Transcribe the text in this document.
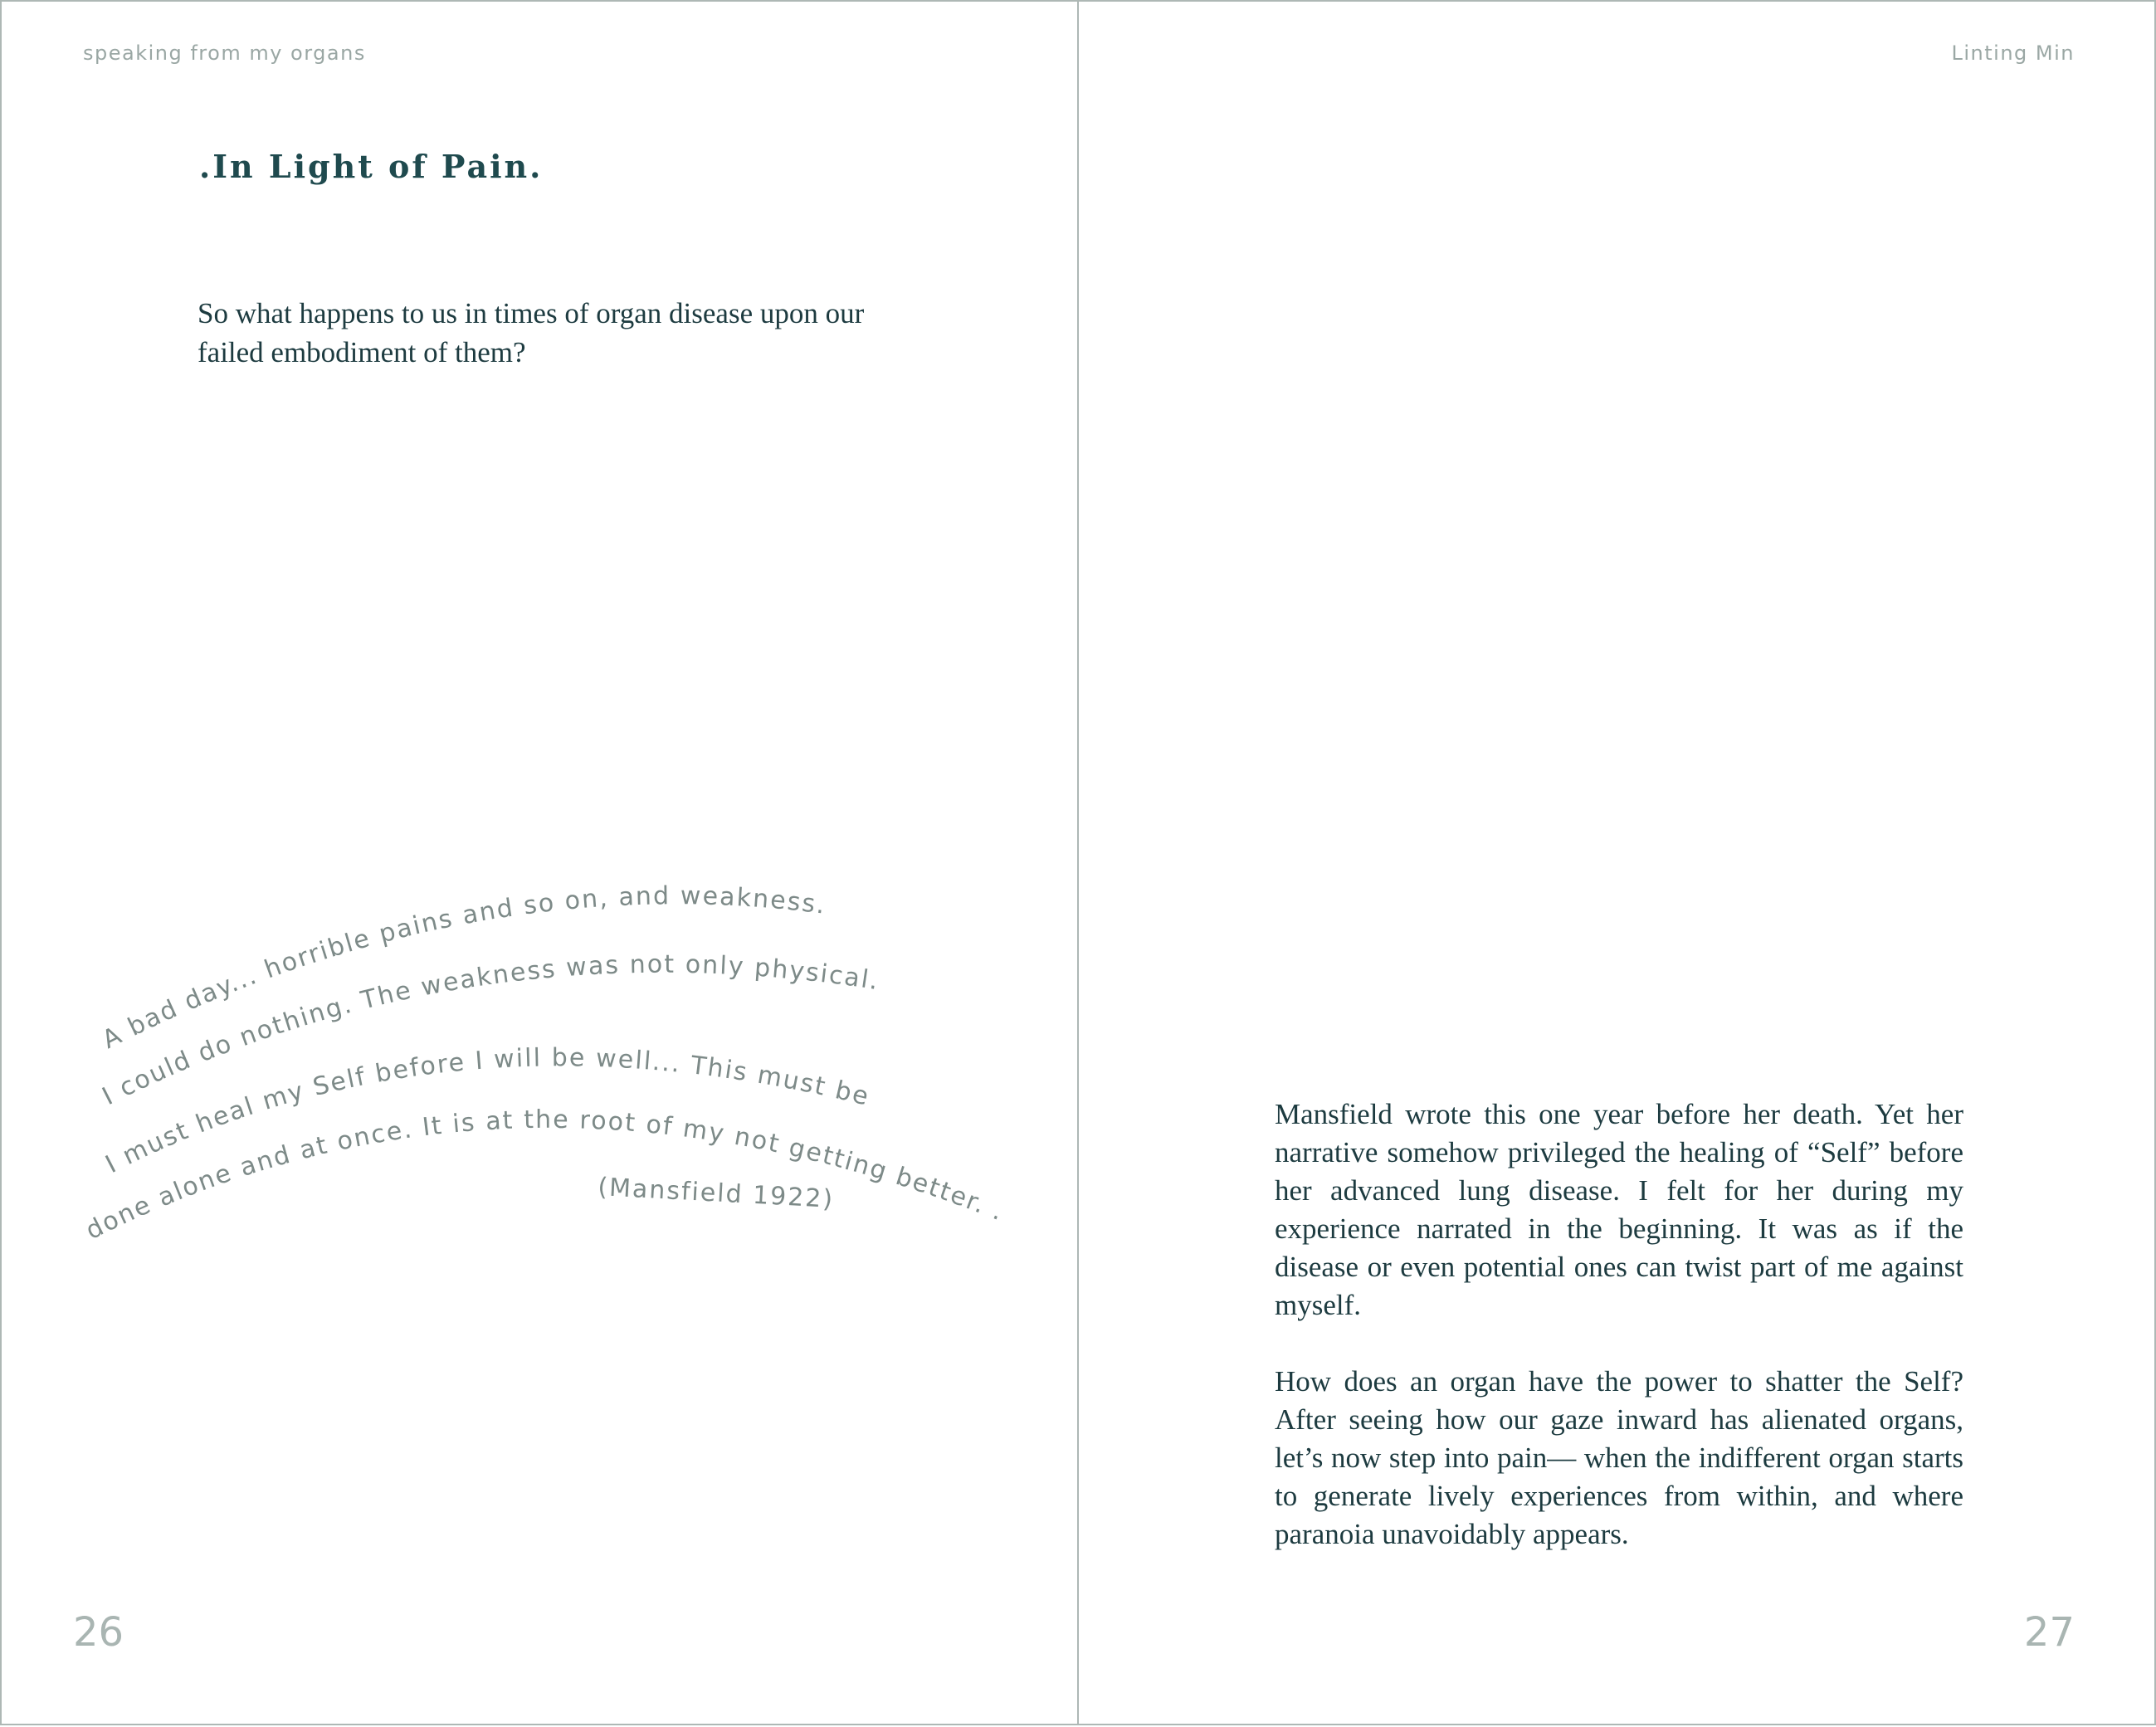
speaking from my organs
.In Light of Pain.

So what happens to us in times of organ disease upon our failed embodiment of them?

A bad day... horrible pains and so on, and weakness.
I could do nothing. The weakness was not only physical.
I must heal my Self before I will be well... This must be
done alone and at once. It is at the root of my not getting better. .
(Mansfield 1922)
26
Linting Min

Mansfield wrote this one year before her death. Yet her narrative somehow privileged the healing of “Self” before her advanced lung disease. I felt for her during my experience narrated in the beginning. It was as if the disease or even potential ones can twist part of me against myself.

How does an organ have the power to shatter the Self? After seeing how our gaze inward has alienated organs, let’s now step into pain— when the indifferent organ starts to generate lively experiences from within, and where paranoia unavoidably appears.

27
